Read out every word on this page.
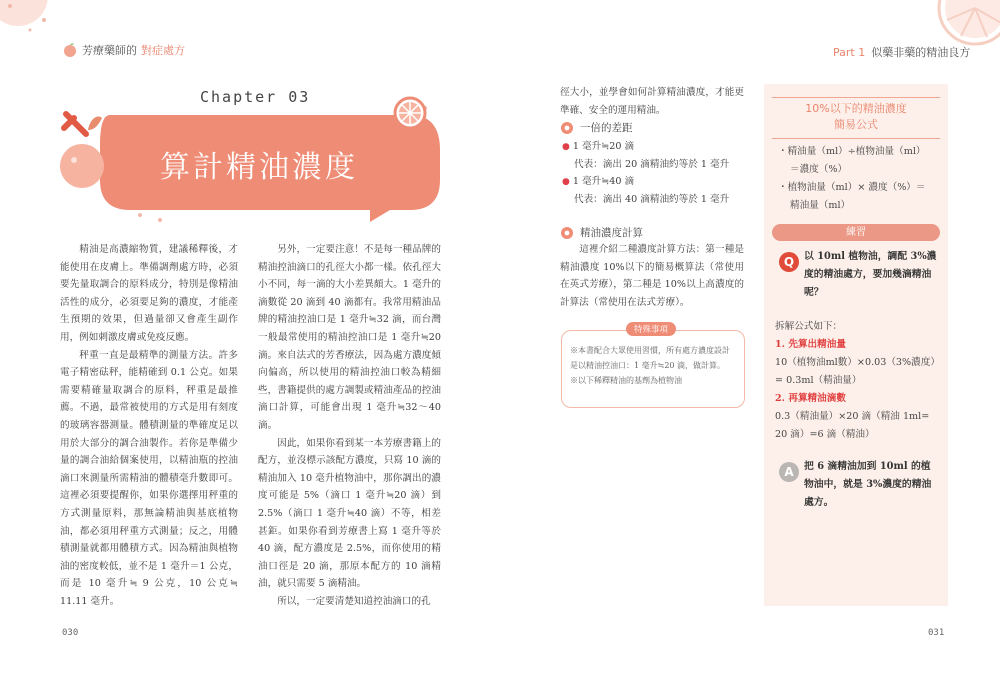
芳療藥師的 對症處方	Part 1 似藥非藥的精油良方
Chapter 03
算計精油濃度

精油是高濃縮物質，建議稀釋後，才能使用在皮膚上。準備調劑處方時，必須要先量取調合的原料成分，特別是像精油活性的成分，必須要足夠的濃度，才能產生預期的效果，但過量卻又會產生副作用，例如刺激皮膚或免疫反應。

秤重一直是最精準的測量方法。許多電子精密砝秤，能精確到 0.1 公克。如果需要精確量取調合的原料，秤重是最推薦。不過，最常被使用的方式是用有刻度的玻璃容器測量。體積測量的準確度足以用於大部分的調合油製作。若你是準備少量的調合油給個案使用，以精油瓶的控油滴口來測量所需精油的體積毫升數即可。這裡必須要提醒你，如果你選擇用秤重的方式測量原料，那無論精油與基底植物油，都必須用秤重方式測量；反之，用體積測量就都用體積方式。因為精油與植物油的密度較低，並不是 1 毫升＝1 公克，而是 10 毫升≒ 9 公克，10 公克≒ 11.11 毫升。

另外，一定要注意！不是每一種品牌的精油控油滴口的孔徑大小都一樣。依孔徑大小不同，每一滴的大小差異頗大。1 毫升的滴數從 20 滴到 40 滴都有。我常用精油品牌的精油控油口是 1 毫升≒32 滴，而台灣一般最常使用的精油控油口是 1 毫升≒20 滴。來自法式的芳香療法，因為處方濃度傾向偏高，所以使用的精油控油口較為精細些，書籍提供的處方調製或精油產品的控油滴口計算，可能會出現 1 毫升≒32～40 滴。

因此，如果你看到某一本芳療書籍上的配方，並沒標示該配方濃度，只寫 10 滴的精油加入 10 毫升植物油中，那你調出的濃度可能是 5%（滴口 1 毫升≒20 滴）到 2.5%（滴口 1 毫升≒40 滴）不等，相差甚鉅。如果你看到芳療書上寫 1 毫升等於 40 滴，配方濃度是 2.5%，而你使用的精油口徑是 20 滴，那原本配方的 10 滴精油，就只需要 5 滴精油。

所以，一定要清楚知道控油滴口的孔

徑大小，並學會如何計算精油濃度，才能更準確、安全的運用精油。

一倍的差距
● 1 毫升≒20 滴
代表：滴出 20 滴精油約等於 1 毫升
● 1 毫升≒40 滴
代表：滴出 40 滴精油約等於 1 毫升
精油濃度計算

這裡介紹二種濃度計算方法：第一種是精油濃度 10%以下的簡易概算法（常使用在英式芳療），第二種是 10%以上高濃度的計算法（常使用在法式芳療）。

特殊事項
※本書配合大眾使用習慣，所有處方濃度設計是以精油控油口：1 毫升≒20 滴，做計算。
※以下稀釋精油的基劑為植物油
10%以下的精油濃度
簡易公式
・精油量（ml）÷植物油量（ml）
＝濃度（%）
・植物油量（ml）× 濃度（%）＝
精油量（ml）
練習
Q	以 10ml 植物油，調配 3%濃度的精油處方，要加幾滴精油呢？
拆解公式如下：
1. 先算出精油量
10（植物油ml數）×0.03（3%濃度）= 0.3ml（精油量）
2. 再算精油滴數
0.3（精油量）×20 滴（精油 1ml= 20 滴）=6 滴（精油）
A	把 6 滴精油加到 10ml 的植物油中，就是 3%濃度的精油處方。
030	031
